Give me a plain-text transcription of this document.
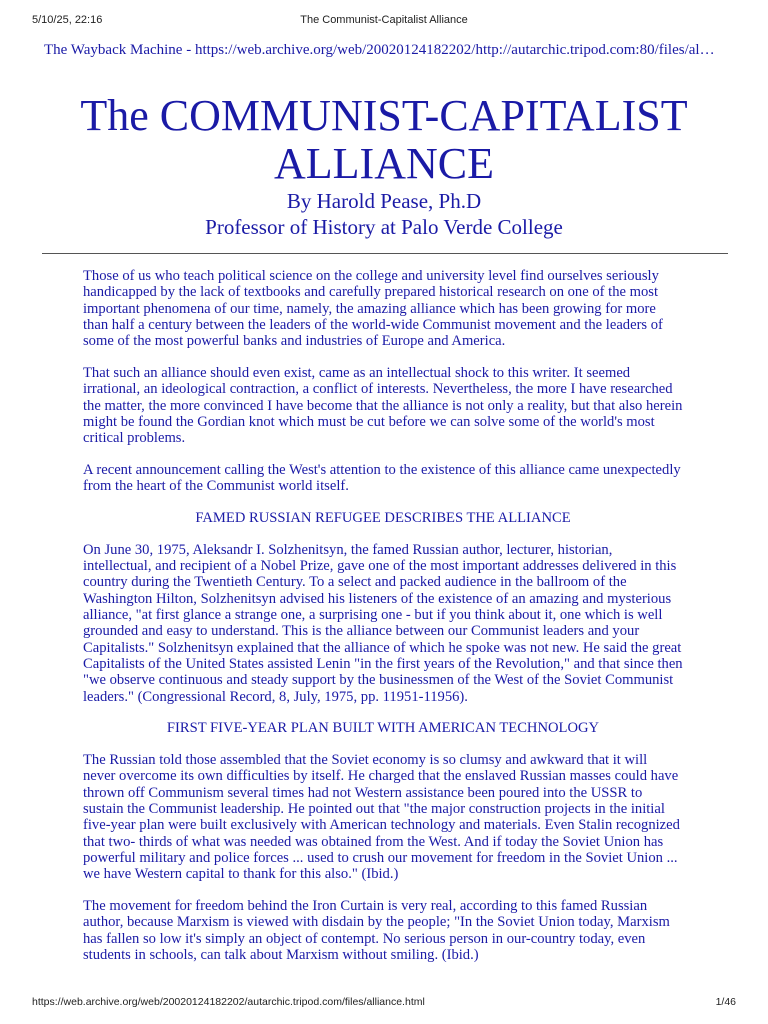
5/10/25, 22:16	The Communist-Capitalist Alliance
The Wayback Machine - https://web.archive.org/web/20020124182202/http://autarchic.tripod.com:80/files/al…
The COMMUNIST-CAPITALIST
ALLIANCE
By Harold Pease, Ph.D
Professor of History at Palo Verde College

Those of us who teach political science on the college and university level find ourselves seriously handicapped by the lack of textbooks and carefully prepared historical research on one of the most important phenomena of our time, namely, the amazing alliance which has been growing for more than half a century between the leaders of the world-wide Communist movement and the leaders of some of the most powerful banks and industries of Europe and America.

That such an alliance should even exist, came as an intellectual shock to this writer. It seemed irrational, an ideological contraction, a conflict of interests. Nevertheless, the more I have researched the matter, the more convinced I have become that the alliance is not only a reality, but that also herein might be found the Gordian knot which must be cut before we can solve some of the world's most critical problems.

A recent announcement calling the West's attention to the existence of this alliance came unexpectedly from the heart of the Communist world itself.

FAMED RUSSIAN REFUGEE DESCRIBES THE ALLIANCE

On June 30, 1975, Aleksandr I. Solzhenitsyn, the famed Russian author, lecturer, historian, intellectual, and recipient of a Nobel Prize, gave one of the most important addresses delivered in this country during the Twentieth Century. To a select and packed audience in the ballroom of the Washington Hilton, Solzhenitsyn advised his listeners of the existence of an amazing and mysterious alliance, "at first glance a strange one, a surprising one - but if you think about it, one which is well grounded and easy to understand. This is the alliance between our Communist leaders and your Capitalists." Solzhenitsyn explained that the alliance of which he spoke was not new. He said the great Capitalists of the United States assisted Lenin "in the first years of the Revolution," and that since then "we observe continuous and steady support by the businessmen of the West of the Soviet Communist leaders." (Congressional Record, 8, July, 1975, pp. 11951-11956).

FIRST FIVE-YEAR PLAN BUILT WITH AMERICAN TECHNOLOGY

The Russian told those assembled that the Soviet economy is so clumsy and awkward that it will never overcome its own difficulties by itself. He charged that the enslaved Russian masses could have thrown off Communism several times had not Western assistance been poured into the USSR to sustain the Communist leadership. He pointed out that "the major construction projects in the initial five-year plan were built exclusively with American technology and materials. Even Stalin recognized that two- thirds of what was needed was obtained from the West. And if today the Soviet Union has powerful military and police forces ... used to crush our movement for freedom in the Soviet Union ... we have Western capital to thank for this also." (Ibid.)

The movement for freedom behind the Iron Curtain is very real, according to this famed Russian author, because Marxism is viewed with disdain by the people; "In the Soviet Union today, Marxism has fallen so low it's simply an object of contempt. No serious person in our-country today, even students in schools, can talk about Marxism without smiling. (Ibid.)

https://web.archive.org/web/20020124182202/autarchic.tripod.com/files/alliance.html	1/46
